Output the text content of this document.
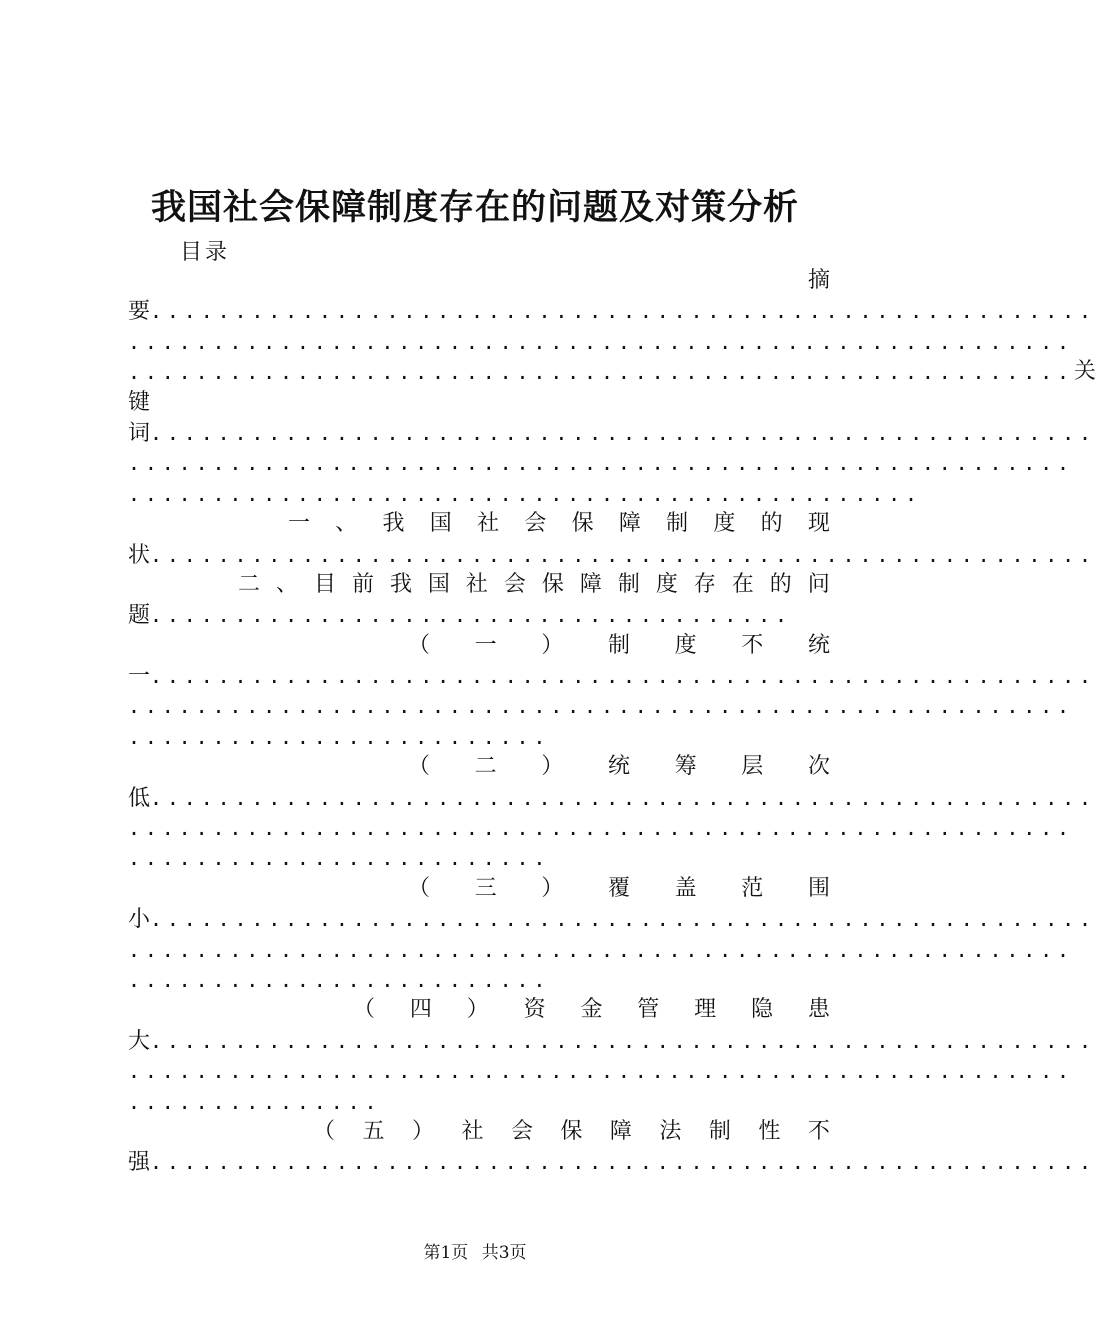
我国社会保障制度存在的问题及对策分析
目录
摘
要........................................................
........................................................
........................................................ 关
键
词........................................................
........................................................
...............................................
一 、 我 国 社 会 保 障 制 度 的 现
状........................................................
二 、 目 前 我 国 社 会 保 障 制 度 存 在 的 问
题......................................
（ 一 ） 制 度 不 统
一........................................................
........................................................
.........................
（ 二 ） 统 筹 层 次
低........................................................
........................................................
.........................
（ 三 ） 覆 盖 范 围
小........................................................
........................................................
.........................
（ 四 ） 资 金 管 理 隐 患
大........................................................
........................................................
...............
（ 五 ） 社 会 保 障 法 制 性 不
强........................................................
第1页 共3页
